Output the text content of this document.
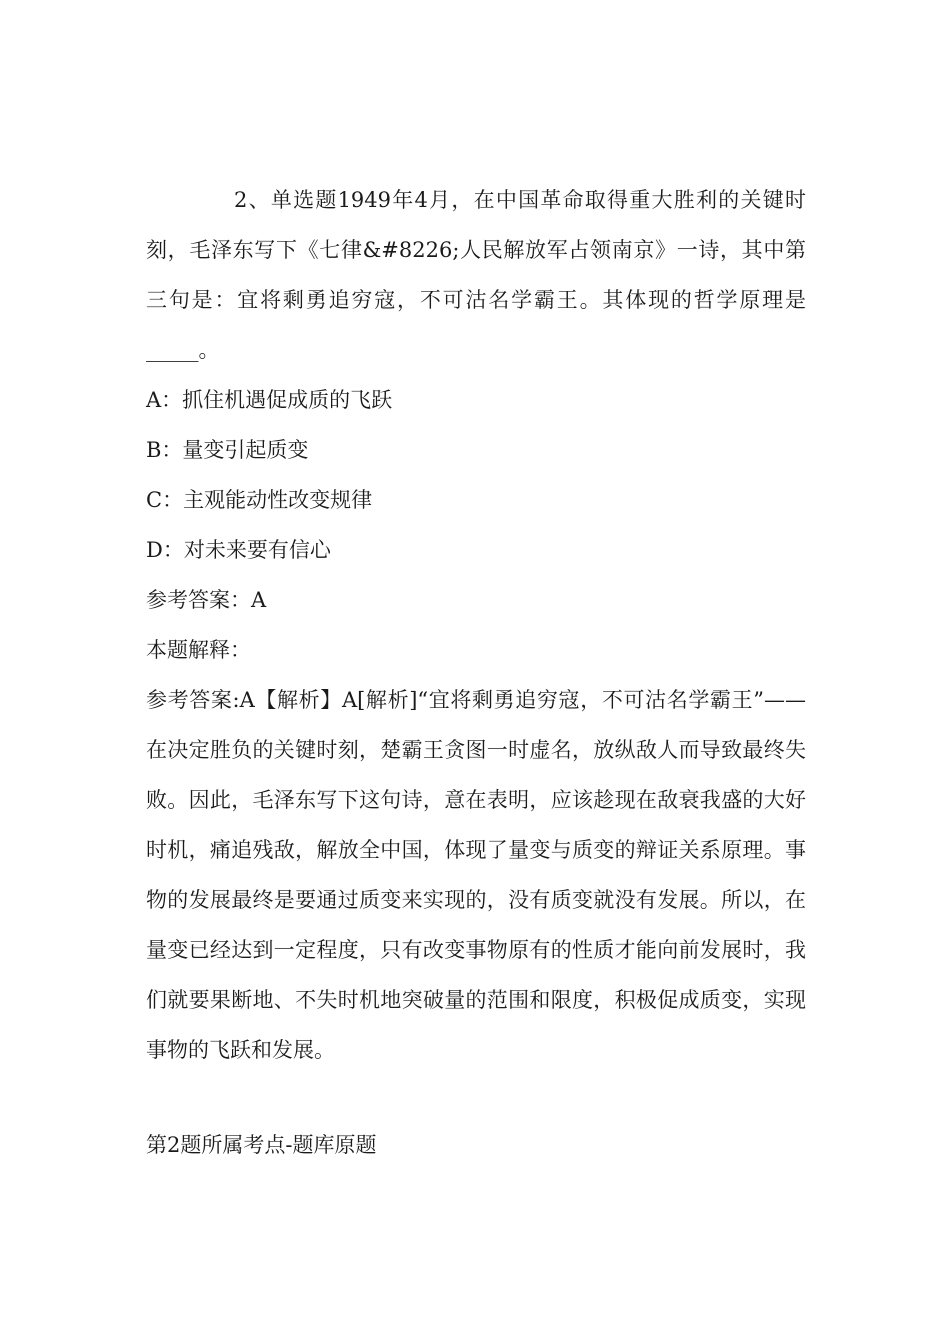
2、单选题1949年4月，在中国革命取得重大胜利的关键时刻，毛泽东写下《七律&#8226;人民解放军占领南京》一诗，其中第三句是：宜将剩勇追穷寇，不可沽名学霸王。其体现的哲学原理是_____。

A：抓住机遇促成质的飞跃

B：量变引起质变

C：主观能动性改变规律

D：对未来要有信心

参考答案：A

本题解释：

参考答案:A【解析】A[解析]“宜将剩勇追穷寇，不可沽名学霸王”——在决定胜负的关键时刻，楚霸王贪图一时虚名，放纵敌人而导致最终失败。因此，毛泽东写下这句诗，意在表明，应该趁现在敌衰我盛的大好时机，痛追残敌，解放全中国，体现了量变与质变的辩证关系原理。事物的发展最终是要通过质变来实现的，没有质变就没有发展。所以，在量变已经达到一定程度，只有改变事物原有的性质才能向前发展时，我们就要果断地、不失时机地突破量的范围和限度，积极促成质变，实现事物的飞跃和发展。

第2题所属考点-题库原题
